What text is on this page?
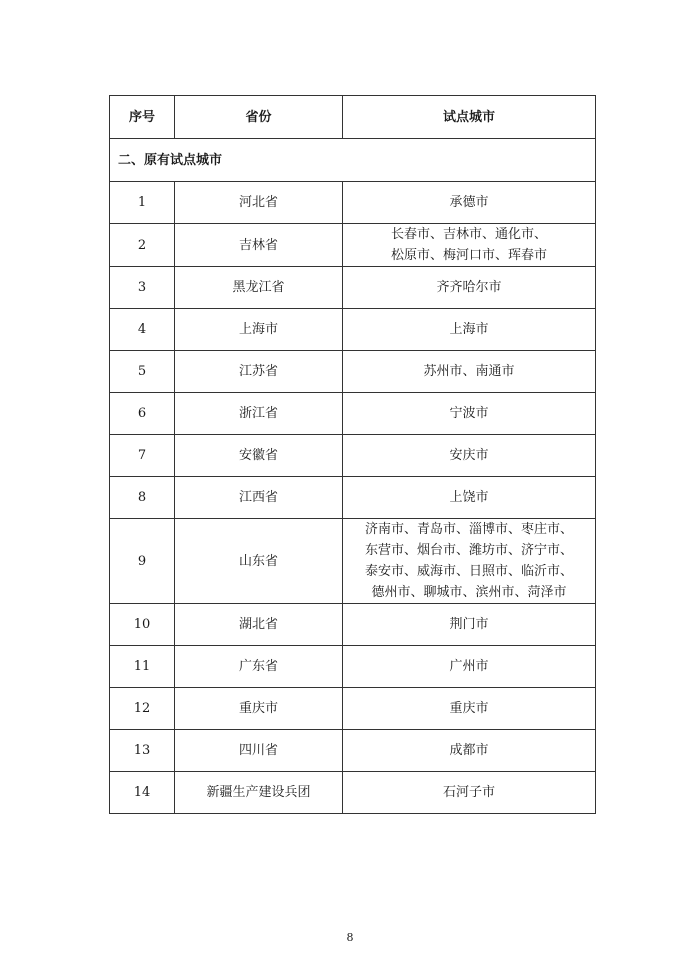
序号	省份	试点城市
二、原有试点城市		
1	河北省	承德市

2	吉林省	长春市、吉林市、通化市、
松原市、梅河口市、珲春市

3	黑龙江省	齐齐哈尔市

4	上海市	上海市

5	江苏省	苏州市、南通市

6	浙江省	宁波市

7	安徽省	安庆市

8	江西省	上饶市

9	山东省	济南市、青岛市、淄博市、枣庄市、
东营市、烟台市、潍坊市、济宁市、
泰安市、威海市、日照市、临沂市、
德州市、聊城市、滨州市、菏泽市

10	湖北省	荆门市

11	广东省	广州市

12	重庆市	重庆市

13	四川省	成都市

14	新疆生产建设兵团	石河子市
8
